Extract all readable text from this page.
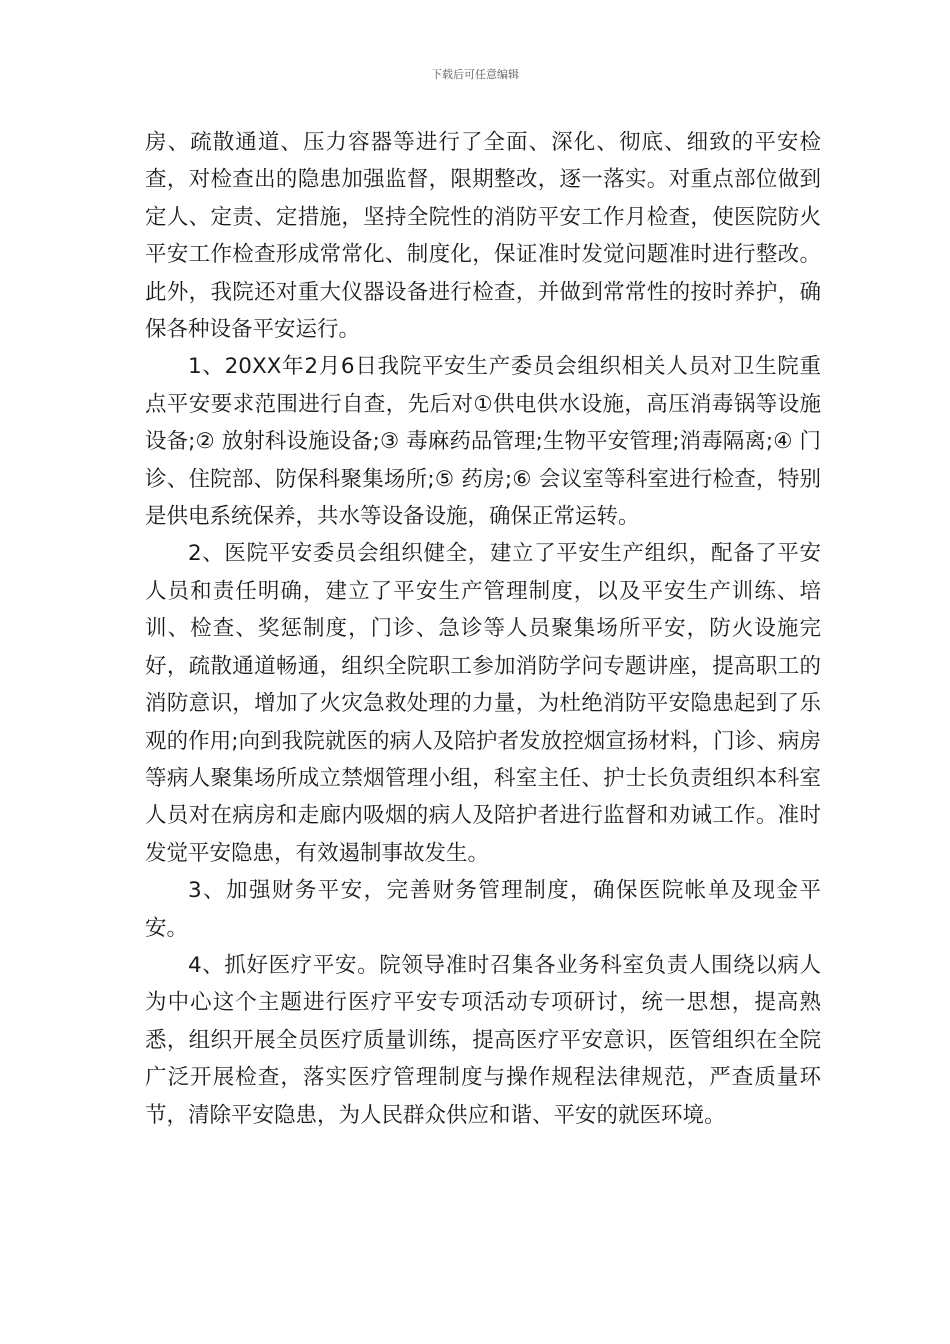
下载后可任意编辑

房、疏散通道、压力容器等进行了全面、深化、彻底、细致的平安检查，对检查出的隐患加强监督，限期整改，逐一落实。对重点部位做到定人、定责、定措施，坚持全院性的消防平安工作月检查，使医院防火平安工作检查形成常常化、制度化，保证准时发觉问题准时进行整改。此外，我院还对重大仪器设备进行检查，并做到常常性的按时养护，确保各种设备平安运行。

1、20XX年2月6日我院平安生产委员会组织相关人员对卫生院重点平安要求范围进行自查，先后对①供电供水设施，高压消毒锅等设施设备;② 放射科设施设备;③ 毒麻药品管理;生物平安管理;消毒隔离;④ 门诊、住院部、防保科聚集场所;⑤ 药房;⑥ 会议室等科室进行检查，特别是供电系统保养，共水等设备设施，确保正常运转。

2、医院平安委员会组织健全，建立了平安生产组织，配备了平安人员和责任明确，建立了平安生产管理制度，以及平安生产训练、培训、检查、奖惩制度，门诊、急诊等人员聚集场所平安，防火设施完好，疏散通道畅通，组织全院职工参加消防学问专题讲座，提高职工的消防意识，增加了火灾急救处理的力量，为杜绝消防平安隐患起到了乐观的作用;向到我院就医的病人及陪护者发放控烟宣扬材料，门诊、病房等病人聚集场所成立禁烟管理小组，科室主任、护士长负责组织本科室人员对在病房和走廊内吸烟的病人及陪护者进行监督和劝诫工作。准时发觉平安隐患，有效遏制事故发生。

3、加强财务平安，完善财务管理制度，确保医院帐单及现金平安。

4、抓好医疗平安。院领导准时召集各业务科室负责人围绕以病人为中心这个主题进行医疗平安专项活动专项研讨，统一思想，提高熟悉，组织开展全员医疗质量训练，提高医疗平安意识，医管组织在全院广泛开展检查，落实医疗管理制度与操作规程法律规范，严查质量环节，清除平安隐患，为人民群众供应和谐、平安的就医环境。
